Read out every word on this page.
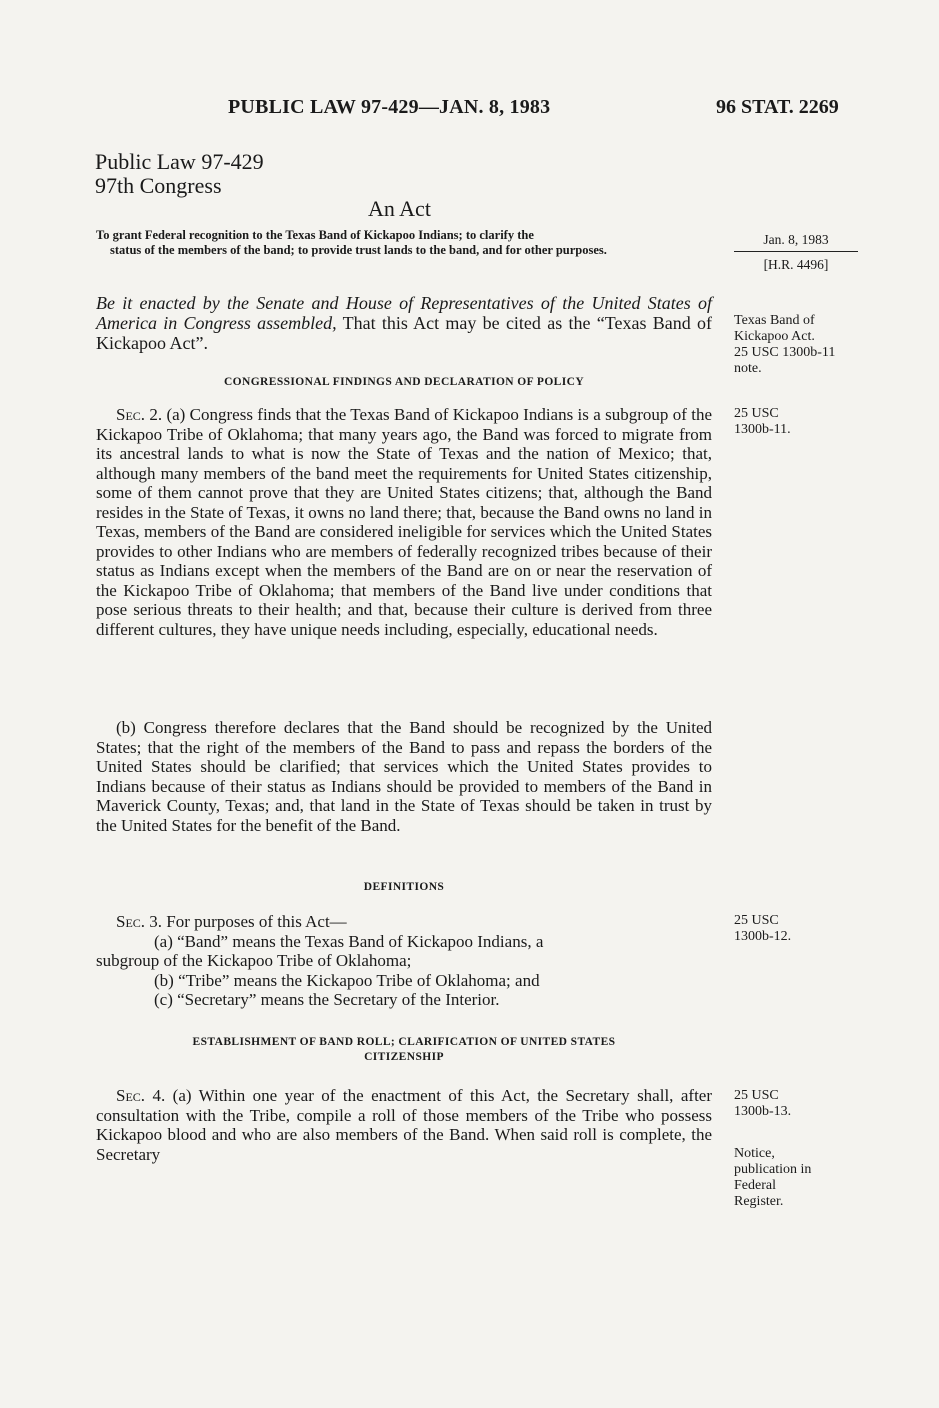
PUBLIC LAW 97-429—JAN. 8, 1983	96 STAT. 2269
Public Law 97-429
97th Congress
An Act
To grant Federal recognition to the Texas Band of Kickapoo Indians; to clarify the
status of the members of the band; to provide trust lands to the band, and for other purposes.
Jan. 8, 1983
[H.R. 4496]
Be it enacted by the Senate and House of Representatives of the United States of America in Congress assembled, That this Act may be cited as the “Texas Band of Kickapoo Act”.
Texas Band of
Kickapoo Act.
25 USC 1300b-11
note.
CONGRESSIONAL FINDINGS AND DECLARATION OF POLICY
Sec. 2. (a) Congress finds that the Texas Band of Kickapoo Indians is a subgroup of the Kickapoo Tribe of Oklahoma; that many years ago, the Band was forced to migrate from its ancestral lands to what is now the State of Texas and the nation of Mexico; that, although many members of the band meet the requirements for United States citizenship, some of them cannot prove that they are United States citizens; that, although the Band resides in the State of Texas, it owns no land there; that, because the Band owns no land in Texas, members of the Band are considered ineligible for services which the United States provides to other Indians who are members of federally recognized tribes because of their status as Indians except when the members of the Band are on or near the reservation of the Kickapoo Tribe of Oklahoma; that members of the Band live under conditions that pose serious threats to their health; and that, because their culture is derived from three different cultures, they have unique needs including, especially, educational needs.
25 USC
1300b-11.
(b) Congress therefore declares that the Band should be recognized by the United States; that the right of the members of the Band to pass and repass the borders of the United States should be clarified; that services which the United States provides to Indians because of their status as Indians should be provided to members of the Band in Maverick County, Texas; and, that land in the State of Texas should be taken in trust by the United States for the benefit of the Band.
DEFINITIONS
Sec. 3. For purposes of this Act—
(a) “Band” means the Texas Band of Kickapoo Indians, a
subgroup of the Kickapoo Tribe of Oklahoma;
(b) “Tribe” means the Kickapoo Tribe of Oklahoma; and
(c) “Secretary” means the Secretary of the Interior.
25 USC
1300b-12.
ESTABLISHMENT OF BAND ROLL; CLARIFICATION OF UNITED STATES
CITIZENSHIP
Sec. 4. (a) Within one year of the enactment of this Act, the Secretary shall, after consultation with the Tribe, compile a roll of those members of the Tribe who possess Kickapoo blood and who are also members of the Band. When said roll is complete, the Secretary
25 USC
1300b-13.
Notice,
publication in
Federal
Register.
